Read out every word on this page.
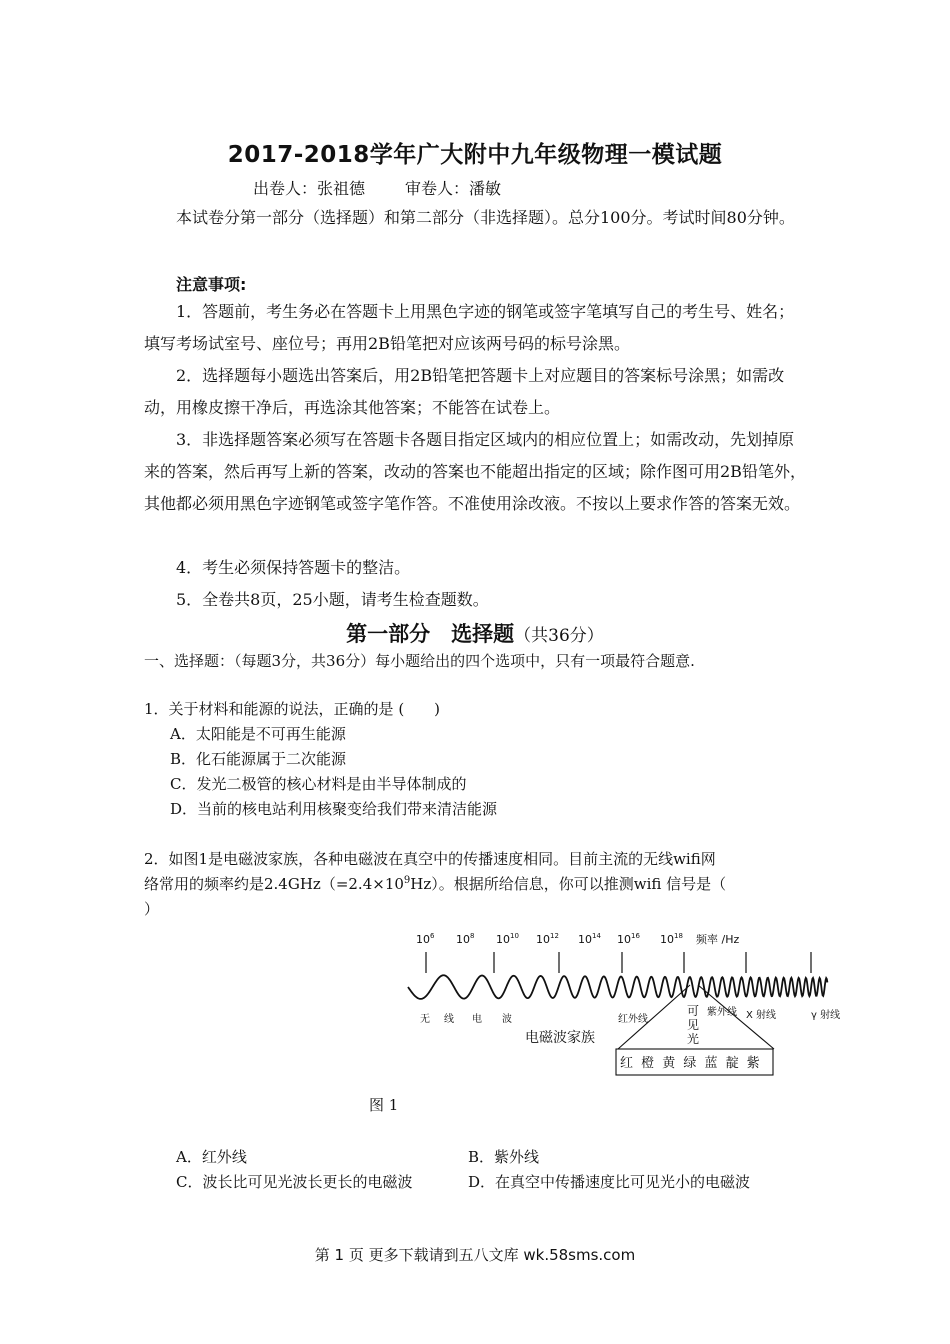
2017-2018学年广大附中九年级物理一模试题
出卷人：张祖德	审卷人：潘敏
本试卷分第一部分（选择题）和第二部分（非选择题）。总分100分。考试时间80分钟。
注意事项:
1．答题前，考生务必在答题卡上用黑色字迹的钢笔或签字笔填写自己的考生号、姓名；填写考场试室号、座位号；再用2B铅笔把对应该两号码的标号涂黑。
2．选择题每小题选出答案后，用2B铅笔把答题卡上对应题目的答案标号涂黑；如需改动，用橡皮擦干净后，再选涂其他答案；不能答在试卷上。
3．非选择题答案必须写在答题卡各题目指定区域内的相应位置上；如需改动，先划掉原来的答案，然后再写上新的答案，改动的答案也不能超出指定的区域；除作图可用2B铅笔外，其他都必须用黑色字迹钢笔或签字笔作答。不准使用涂改液。不按以上要求作答的答案无效。
4．考生必须保持答题卡的整洁。
5．全卷共8页，25小题，请考生检查题数。
第一部分　选择题（共36分）
一、选择题：（每题3分，共36分）每小题给出的四个选项中，只有一项最符合题意.
1．关于材料和能源的说法，正确的是 (　　)
A．太阳能是不可再生能源
B．化石能源属于二次能源
C．发光二极管的核心材料是由半导体制成的
D．当前的核电站利用核聚变给我们带来清洁能源
2．如图1是电磁波家族，各种电磁波在真空中的传播速度相同。目前主流的无线wifi网
络常用的频率约是$2.4GHz(=2.4\times 10^9Hz)$。根据所给信息，你可以推测wifi 信号是（
）
$10^6$ $10^8$ $10^{10}$ $10^{12}$ $10^{14}$ $10^{16}$ $10^{18}$ 频率 /Hz
无 线 电 波	红外线
紫外线 X 射线	γ 射线
可
见
光
电磁波家族
红 橙 黄 绿 蓝 靛 紫
图 1
A．红外线	B．紫外线
C．波长比可见光波长更长的电磁波	D．在真空中传播速度比可见光小的电磁波
第 1 页 更多下载请到五八文库 wk.58sms.com
